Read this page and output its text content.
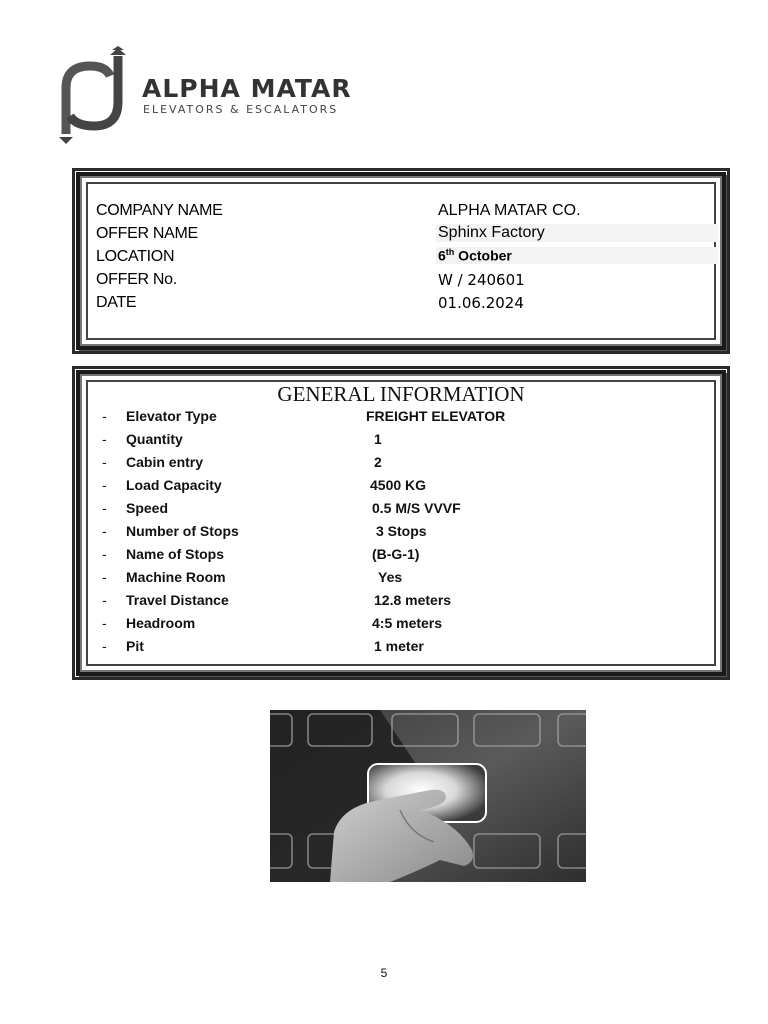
ALPHA MATAR
ELEVATORS & ESCALATORS
COMPANY NAME	ALPHA MATAR CO.
OFFER NAME	Sphinx Factory
LOCATION	6th October
OFFER No.	W / 240601
DATE	01.06.2024
GENERAL INFORMATION
- Elevator Type	FREIGHT ELEVATOR
- Quantity	1
- Cabin entry	2
- Load Capacity	4500 KG
- Speed	0.5 M/S VVVF
- Number of Stops	3 Stops
- Name of Stops	(B-G-1)
- Machine Room	Yes
- Travel Distance	12.8 meters
- Headroom	4:5 meters
- Pit	1 meter
5
